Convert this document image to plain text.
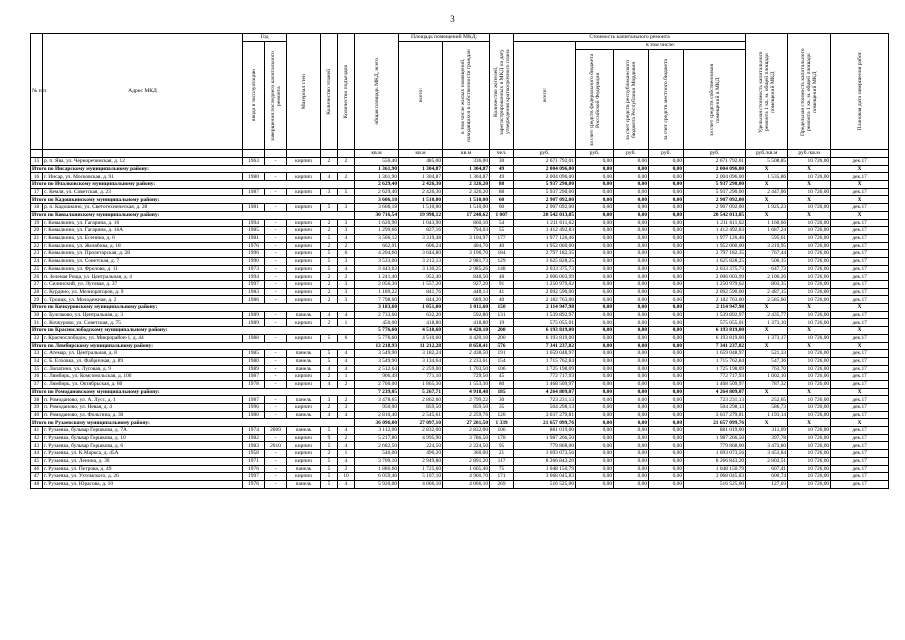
3
№ п/п	Адрес МКД	Год		Материал стен	Количество этажей	Количество подъездов	общая площадь МКД, всего	Площадь помещений МКД:		Количество жителей, зарегистрированных в МКД на дату утверждения краткосрочного плана	Стоимость капитального ремонта					Удельная стоимость капитального ремонта 1 кв. м. общей площади помещений МКД	Предельная стоимость капитального ремонта 1 кв. м. общей площади помещений МКД	Плановая дата завершения работ

		ввода в эксплуатацию	завершения последнего капитального ремонта					всего:	в том числе жилых помещений, находящихся в собственности граждан		всего:	в том числе:						

												за счет средств федерального бюджета Российской Федерации	за счет средств республиканского бюджета Республики Мордовия	за счет средств местного бюджета	за счет средств собственников помещений в МКД			

							кв.м	кв.м	кв.м	чел.	руб.	руб.	руб.	руб.	руб.	руб./кв.м	руб./кв.м	
15	р. п. Ява, ул. Черноречинская, д. 12	1963	-	кирпич	2	2	556,40	485,00	336,00	30	2 671 792,01	0,00	0,00	0,00	2 671 792,01	5 508,85	10 726,00	дек.17
Итого по Инсарскому муниципальному району:							1 361,90	1 304,87	1 304,87	49	2 004 096,00	0,00	0,00	0,00	2 004 096,00	X	X	X
16	г. Инсар, ул. Московская, д. 91	1980	-	кирпич	4	2	1 361,90	1 304,87	1 304,87	49	2 004 096,00	0,00	0,00	0,00	2 004 096,00	1 535,86	10 726,00	дек.17
Итого по Ичалковскому муниципальному району:							2 629,40	2 426,30	2 326,20	88	5 937 290,00	0,00	0,00	0,00	5 937 290,00	X	X	X
17	с. Кемля, ул. Советская, д. 23	1987	-	кирпич	3	5	2 629,40	2 426,30	2 326,20	88	5 937 290,00	0,00	0,00	0,00	5 937 290,00	2 447,06	10 726,00	дек.17
Итого по Кадошкинскому муниципальному району:							3 606,18	1 510,00	1 510,00	60	2 907 092,00	0,00	0,00	0,00	2 907 092,00	X	X	X
18	р. п. Кадошкино, ул. Светотехническая, д. 28	1981	-	кирпич	5	3	3 606,18	1 510,00	1 510,00	60	2 907 092,00	0,00	0,00	0,00	2 907 092,00	1 925,23	10 726,00	дек.17
Итого по Ковылкинскому муниципальному району:							30 716,54	19 998,12	17 240,62	1 007	20 542 013,85	0,00	0,00	0,00	20 542 013,85	X	X	X
19	г. Ковылкино, ул. Гагарина, д. 16	1994	-	кирпич	2	3	1 620,90	1 043,90	860,10	54	1 211 611,62	0,00	0,00	0,00	1 211 611,62	1 160,66	10 726,00	дек.17
20	г. Ковылкино, ул. Гагарина, д. 16А	1985	-	кирпич	2	3	1 299,66	827,16	794,03	55	1 412 492,83	0,00	0,00	0,00	1 412 492,83	1 687,24	10 726,00	дек.17
21	г. Ковылкино, ул. Есенина, д. 6	1981	-	кирпич	5	4	3 566,12	3 319,48	3 104,97	177	1 977 126,46	0,00	0,00	0,00	1 977 126,46	595,61	10 726,00	дек.17
22	г. Ковылкино, ул. Желябова, д. 18	1976	-	кирпич	2	2	662,91	606,24	404,70	40	1 952 060,00	0,00	0,00	0,00	1 952 060,00	3 219,95	10 726,00	дек.17
23	г. Ковылкино, ул. Пролетарская, д. 28	1996	-	кирпич	5	6	4 204,60	3 644,80	3 196,70	184	2 797 182,35	0,00	0,00	0,00	2 797 182,35	767,44	10 726,00	дек.17
24	г. Ковылкино, ул. Советская, д. 7	1990	-	кирпич	5	3	3 533,00	3 212,13	2 981,73	129	1 625 828,25	0,00	0,00	0,00	1 625 828,25	506,15	10 726,00	дек.17
25	г. Ковылкино, ул. Фролова, д. 11	1973	-	кирпич	5	4	3 443,63	3 130,25	2 985,26	148	2 033 375,73	0,00	0,00	0,00	2 033 375,73	647,73	10 726,00	дек.17
26	п. Зеленая Роща, ул. Центральная, д. 4	1994	-	кирпич	2	2	1 241,40	952,40	848,50	48	2 006 003,99	0,00	0,00	0,00	2 006 003,99	2 106,26	10 726,00	дек.17
27	с. Силинский, ул. Луговая, д. 37	1997	-	кирпич	2	3	2 056,30	1 557,20	927,20	91	1 250 979,62	0,00	0,00	0,00	1 250 979,62	803,35	10 726,00	дек.17
28	с. Курдино, ул. Мелиораторов, д. 9	1983	-	кирпич	2	3	1 189,22	841,76	448,13	41	2 092 590,00	0,00	0,00	0,00	2 092 590,00	2 487,15	10 726,00	дек.17
29	с. Троицк, ул. Молодежная, д. 2	1986	-	кирпич	2	3	7 798,60	844,20	689,30	40	2 182 763,00	0,00	0,00	0,00	2 182 763,00	2 585,60	10 726,00	дек.17
Итого по Кочкуровскому муниципальному району:							3 183,60	1 051,00	1 011,60	150	2 114 947,98	0,00	0,00	0,00	2 114 947,98	X	X	X
30	с. Булгаково, ул. Центральная, д. 3	1989	-	панель	4	4	2 733,60	632,20	592,80	131	1 539 892,97	0,00	0,00	0,00	1 539 892,97	2 435,77	10 726,00	дек.17
31	с. Кочкурово, ул. Советская, д. 75	1989	-	кирпич	2	1	450,00	418,80	418,80	19	575 055,01	0,00	0,00	0,00	575 055,01	1 373,10	10 726,00	дек.17
Итого по Краснослободскому муниципальному району:							5 776,60	4 510,60	4 420,10	200	6 193 819,00	0,00	0,00	0,00	6 193 819,00	X	X	X
32	г. Краснослободск, ул. Микрорайон-1, д. 44	1988	-	кирпич	5	6	5 776,60	4 510,60	4 420,10	200	6 193 819,00	0,00	0,00	0,00	6 193 819,00	1 373,17	10 726,00	дек.17
Итого по Лямбирскому муниципальному району:							13 218,93	11 212,28	8 658,41	576	7 341 237,82	0,00	0,00	0,00	7 341 237,82	X	X	X
33	с. Атемар, ул. Центральная, д. 8	1985	-	панель	5	4	3 549,90	3 182,24	2 438,50	191	1 659 048,97	0,00	0,00	0,00	1 659 048,97	521,33	10 726,00	дек.17
34	с. Б. Елховка, ул. Фабричная, д. 89	1980	-	панель	5	4	3 549,90	3 134,64	2 233,61	154	1 715 762,84	0,00	0,00	0,00	1 715 762,84	547,36	10 726,00	дек.17
35	с. Лопатино, ул. Луговая, д. 9	1989	-	панель	4	4	2 512,64	2 259,00	1 703,50	106	1 725 198,09	0,00	0,00	0,00	1 725 198,09	763,70	10 726,00	дек.17
36	с. Лямбирь, ул. Комсомольская, д. 100	1987	-	кирпич	2	1	906,49	771,10	729,50	45	772 717,93	0,00	0,00	0,00	772 717,93	1 002,10	10 726,00	дек.17
37	с. Лямбирь, ул. Октябрьская, д. 80	1978	-	кирпич	4	2	2 700,00	1 865,30	1 553,30	80	1 468 509,97	0,00	0,00	0,00	1 468 509,97	787,32	10 726,00	дек.17
Итого по Ромодановскому муниципальному району:							7 239,05	5 267,71	4 918,48	185	4 264 809,07	0,00	0,00	0,00	4 264 809,07	X	X	X
38	п. Ромоданово, ул. А. Лусс, д. 1	1987	-	панель	3	2	3 478,65	2 862,60	2 799,22	30	723 231,13	0,00	0,00	0,00	723 231,13	252,65	10 726,00	дек.17
39	п. Ромоданово, ул. Невая, д. 4	1996	-	кирпич	2	3	950,00	859,50	859,50	35	504 298,13	0,00	0,00	0,00	504 298,13	586,73	10 726,00	дек.17
40	п. Ромоданово, ул. Фольгина, д. 30	1980	-	панель	4	4	2 810,40	2 545,61	2 259,76	120	3 037 279,81	0,00	0,00	0,00	3 037 279,81	1 193,14	10 726,00	дек.17
Итого по Рузаевскому муниципальному району:							36 096,00	27 097,10	27 201,50	1 339	21 657 099,76	0,00	0,00	0,00	21 657 099,76	X	X	X
41	г. Рузаевка, бульвар Горшкова, д. 7А	1974	2009	панель	5	4	3 112,00	2 832,00	2 832,00	106	881 019,00	0,00	0,00	0,00	881 019,00	311,09	10 726,00	дек.17
42	г. Рузаевка, бульвар Горшкова, д. 10	1982	-	кирпич	9	2	5 217,80	4 995,90	3 786,50	178	1 987 266,50	0,00	0,00	0,00	1 987 266,50	397,78	10 726,00	дек.17
43	г. Рузаевка, бульвар Горшкова, д. 6	1983	2010	кирпич	5	4	2 682,50	224,50	2 224,50	95	779 868,00	0,00	0,00	0,00	779 868,00	3 473,80	10 726,00	дек.17
44	г. Рузаевка, ул. К.Маркса, д. 45А	1958	-	кирпич	2	1	540,00	490,20	360,00	21	1 693 073,56	0,00	0,00	0,00	1 693 073,56	3 453,84	10 726,00	дек.17
45	г. Рузаевка, ул. Ленина, д. 30	1971	-	кирпич	5	4	3 709,10	2 949,80	2 891,20	117	8 266 843,20	0,00	0,00	0,00	8 266 843,20	2 802,51	10 726,00	дек.17
46	г. Рузаевка, ул. Петрова, д. 49	1976	-	панель	5	2	1 886,60	1 725,60	1 665,40	75	1 048 150,79	0,00	0,00	0,00	1 048 150,79	607,41	10 726,00	дек.17
47	г. Рузаевка, ул. Ухтомского, д. 26	1997	-	кирпич	5	10	6 059,40	5 107,10	4 960,70	171	3 068 045,83	0,00	0,00	0,00	3 068 045,83	600,74	10 726,00	дек.17
48	г. Рузаевка, ул. Юрасова, д. 10	1976	-	панель	5	4	5 920,00	4 066,10	4 066,10	269	516 525,00	0,00	0,00	0,00	516 525,00	127,03	10 726,00	дек.17
